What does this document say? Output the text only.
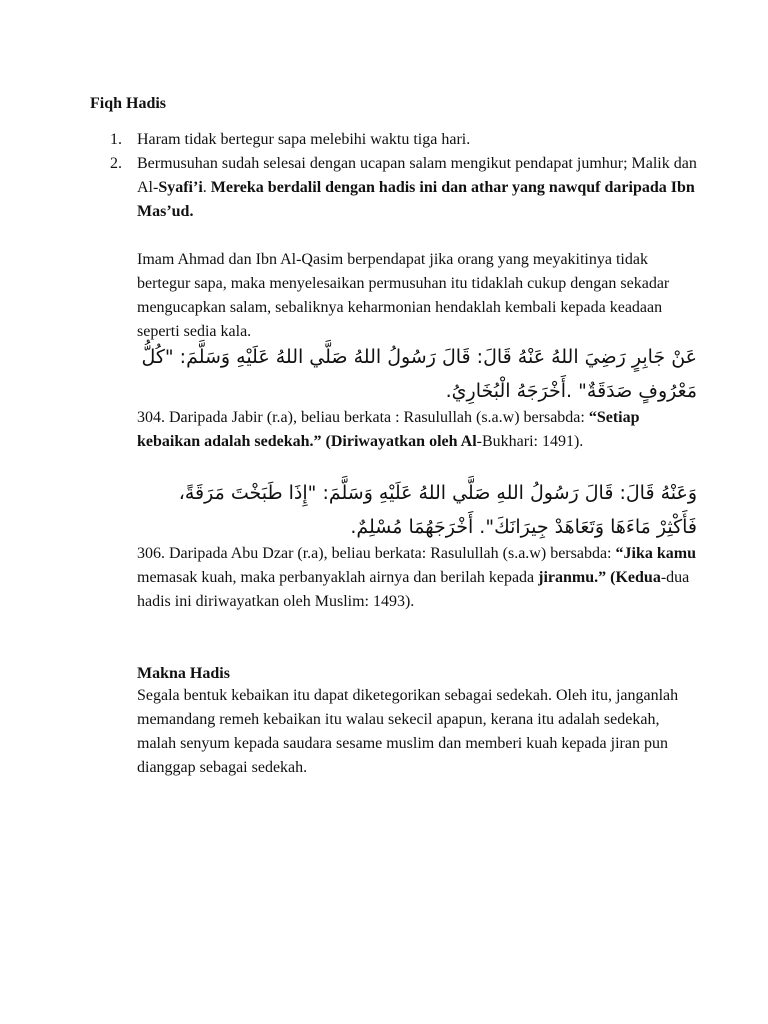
Fiqh Hadis
1. Haram tidak bertegur sapa melebihi waktu tiga hari.
2. Bermusuhan sudah selesai dengan ucapan salam mengikut pendapat jumhur; Malik dan Al-Syafi’i. Mereka berdalil dengan hadis ini dan athar yang nawquf daripada Ibn Mas’ud.
Imam Ahmad dan Ibn Al-Qasim berpendapat jika orang yang meyakitinya tidak bertegur sapa, maka menyelesaikan permusuhan itu tidaklah cukup dengan sekadar mengucapkan salam, sebaliknya keharmonian hendaklah kembali kepada keadaan seperti sedia kala.
عَنْ جَابِرٍ رَضِيَ اللهُ عَنْهُ قَالَ: قَالَ رَسُولُ اللهُ صَلَّي اللهُ عَلَيْهِ وَسَلَّمَ: "كُلُّ مَعْرُوفٍ صَدَقَةٌ" .أَخْرَجَهُ الْبُخَارِيُ.
304. Daripada Jabir (r.a), beliau berkata : Rasulullah (s.a.w) bersabda: “Setiap kebaikan adalah sedekah.” (Diriwayatkan oleh Al-Bukhari: 1491).
وَعَنْهُ قَالَ: قَالَ رَسُولُ اللهِ صَلَّي اللهُ عَلَيْهِ وَسَلَّمَ: "إِذَا طَبَخْتَ مَرَقَةً، فَأَكْثِرْ مَاءَهَا وَتَعَاهَدْ جِيرَانَكَ". أَخْرَجَهُمَا مُسْلِمٌ.
306. Daripada Abu Dzar (r.a), beliau berkata: Rasulullah (s.a.w) bersabda: “Jika kamu memasak kuah, maka perbanyaklah airnya dan berilah kepada jiranmu.” (Kedua-dua hadis ini diriwayatkan oleh Muslim: 1493).
Makna Hadis
Segala bentuk kebaikan itu dapat diketegorikan sebagai sedekah. Oleh itu, janganlah memandang remeh kebaikan itu walau sekecil apapun, kerana itu adalah sedekah, malah senyum kepada saudara sesame muslim dan memberi kuah kepada jiran pun dianggap sebagai sedekah.
